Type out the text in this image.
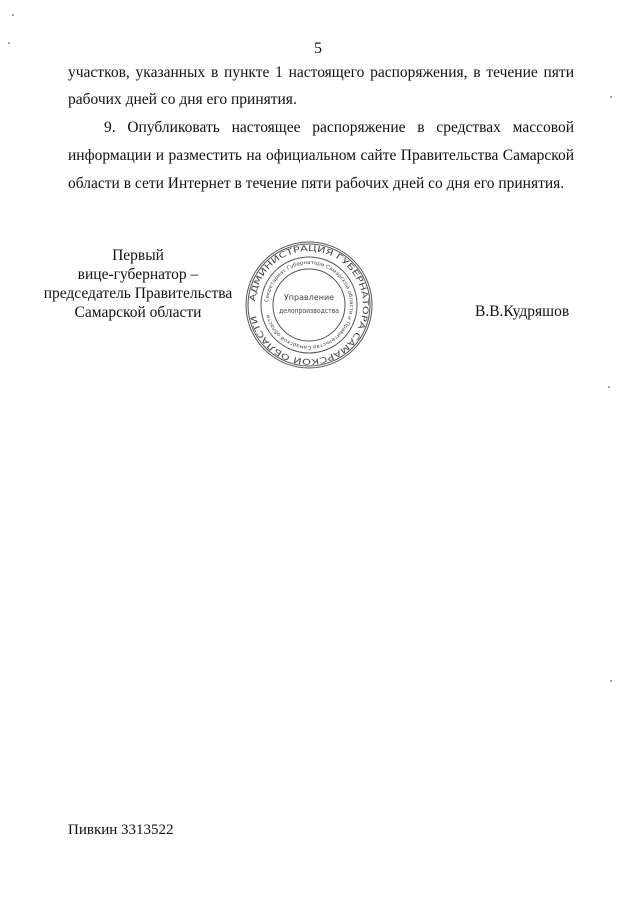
5
участков, указанных в пункте 1 настоящего распоряжения, в течение пяти
рабочих дней со дня его принятия.
9. Опубликовать настоящее распоряжение в средствах массовой
информации и разместить на официальном сайте Правительства Самарской
области в сети Интернет в течение пяти рабочих дней со дня его принятия.
АДМИНИСТРАЦИЯ ГУБЕРНАТОРА САМАРСКОЙ ОБЛАСТИ
Секретариат Губернатора Самарской области и Правительства Самарской области
Управление
делопроизводства
Первый
вице-губернатор –
председатель Правительства
Самарской области	В.В.Кудряшов
Пивкин 3313522
